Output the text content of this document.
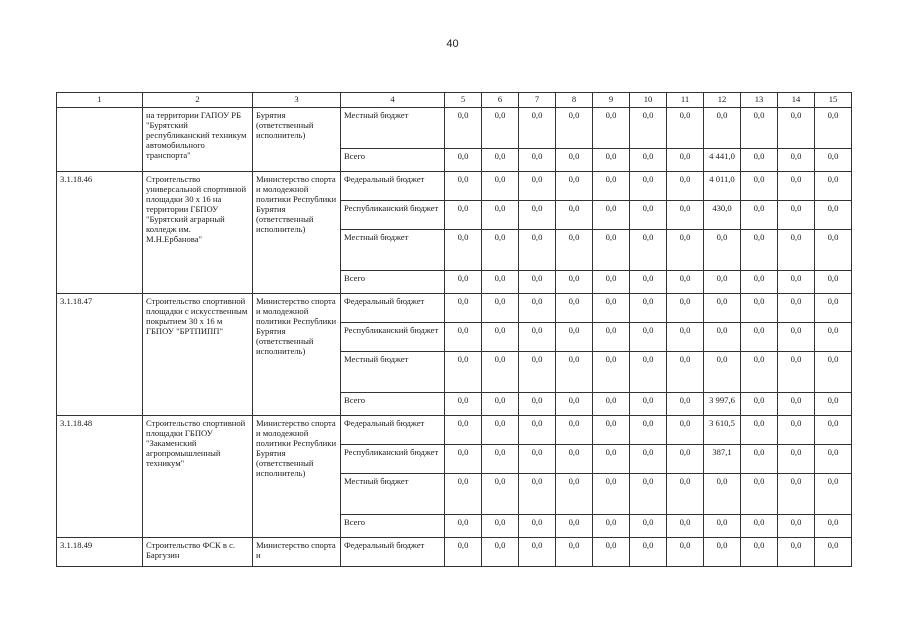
40
1	2	3	4	5	6	7	8	9	10	11	12	13	14	15
	на территории ГАПОУ РБ "Бурятский республиканский техникум автомобильного транспорта"	Бурятия (ответственный исполнитель)	Местный бюджет	0,0	0,0	0,0	0,0	0,0	0,0	0,0	0,0	0,0	0,0	0,0
			Всего	0,0	0,0	0,0	0,0	0,0	0,0	0,0	4 441,0	0,0	0,0	0,0
3.1.18.46	Строительство универсальной спортивной площадки 30 х 16 на территории ГБПОУ "Бурятский аграрный колледж им. М.Н.Ербанова"	Министерство спорта и молодежной политики Республики Бурятия (ответственный исполнитель)	Федеральный бюджет	0,0	0,0	0,0	0,0	0,0	0,0	0,0	4 011,0	0,0	0,0	0,0
			Республиканский бюджет	0,0	0,0	0,0	0,0	0,0	0,0	0,0	430,0	0,0	0,0	0,0
			Местный бюджет	0,0	0,0	0,0	0,0	0,0	0,0	0,0	0,0	0,0	0,0	0,0
			Всего	0,0	0,0	0,0	0,0	0,0	0,0	0,0	0,0	0,0	0,0	0,0
3.1.18.47	Строительство спортивной площадки с искусственным покрытием 30 х 16 м ГБПОУ "БРТПИПП"	Министерство спорта и молодежной политики Республики Бурятия (ответственный исполнитель)	Федеральный бюджет	0,0	0,0	0,0	0,0	0,0	0,0	0,0	0,0	0,0	0,0	0,0
			Республиканский бюджет	0,0	0,0	0,0	0,0	0,0	0,0	0,0	0,0	0,0	0,0	0,0
			Местный бюджет	0,0	0,0	0,0	0,0	0,0	0,0	0,0	0,0	0,0	0,0	0,0
			Всего	0,0	0,0	0,0	0,0	0,0	0,0	0,0	3 997,6	0,0	0,0	0,0
3.1.18.48	Строительство спортивной площадки ГБПОУ "Закаменский агропромышленный техникум"	Министерство спорта и молодежной политики Республики Бурятия (ответственный исполнитель)	Федеральный бюджет	0,0	0,0	0,0	0,0	0,0	0,0	0,0	3 610,5	0,0	0,0	0,0
			Республиканский бюджет	0,0	0,0	0,0	0,0	0,0	0,0	0,0	387,1	0,0	0,0	0,0
			Местный бюджет	0,0	0,0	0,0	0,0	0,0	0,0	0,0	0,0	0,0	0,0	0,0
			Всего	0,0	0,0	0,0	0,0	0,0	0,0	0,0	0,0	0,0	0,0	0,0
3.1.18.49	Строительство ФСК в с. Баргузин	Министерство спорта и	Федеральный бюджет	0,0	0,0	0,0	0,0	0,0	0,0	0,0	0,0	0,0	0,0	0,0
